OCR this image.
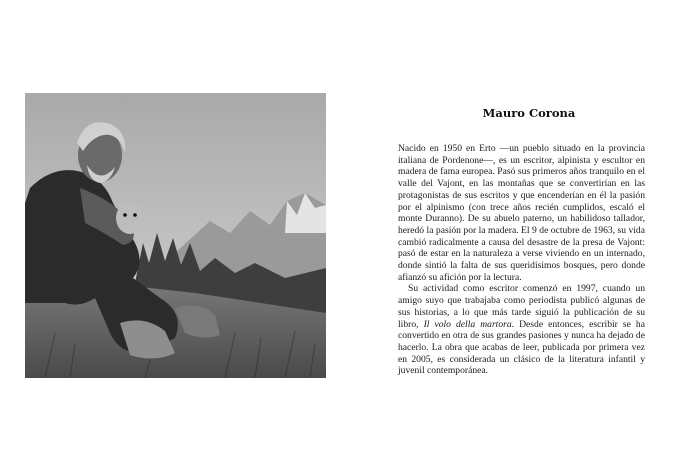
Mauro Corona

Nacido en 1950 en Erto —un pueblo situado en la provincia italiana de Pordenone—, es un escritor, alpinista y escultor en madera de fama europea. Pasó sus primeros años tranquilo en el valle del Vajont, en las montañas que se convertirían en las protagonistas de sus escritos y que encenderían en él la pasión por el alpinismo (con trece años recién cumplidos, escaló el monte Duranno). De su abuelo paterno, un habilidoso tallador, heredó la pasión por la madera. El 9 de octubre de 1963, su vida cambió radicalmente a causa del desastre de la presa de Vajont: pasó de estar en la naturaleza a verse viviendo en un internado, donde sintió la falta de sus queridísimos bosques, pero donde afianzó su afición por la lectura.

Su actividad como escritor comenzó en 1997, cuando un amigo suyo que trabajaba como periodista publicó algunas de sus historias, a lo que más tarde siguió la publicación de su libro, Il volo della martora. Desde entonces, escribir se ha convertido en otra de sus grandes pasiones y nunca ha dejado de hacerlo. La obra que acabas de leer, publicada por primera vez en 2005, es considerada un clásico de la literatura infantil y juvenil contemporánea.
